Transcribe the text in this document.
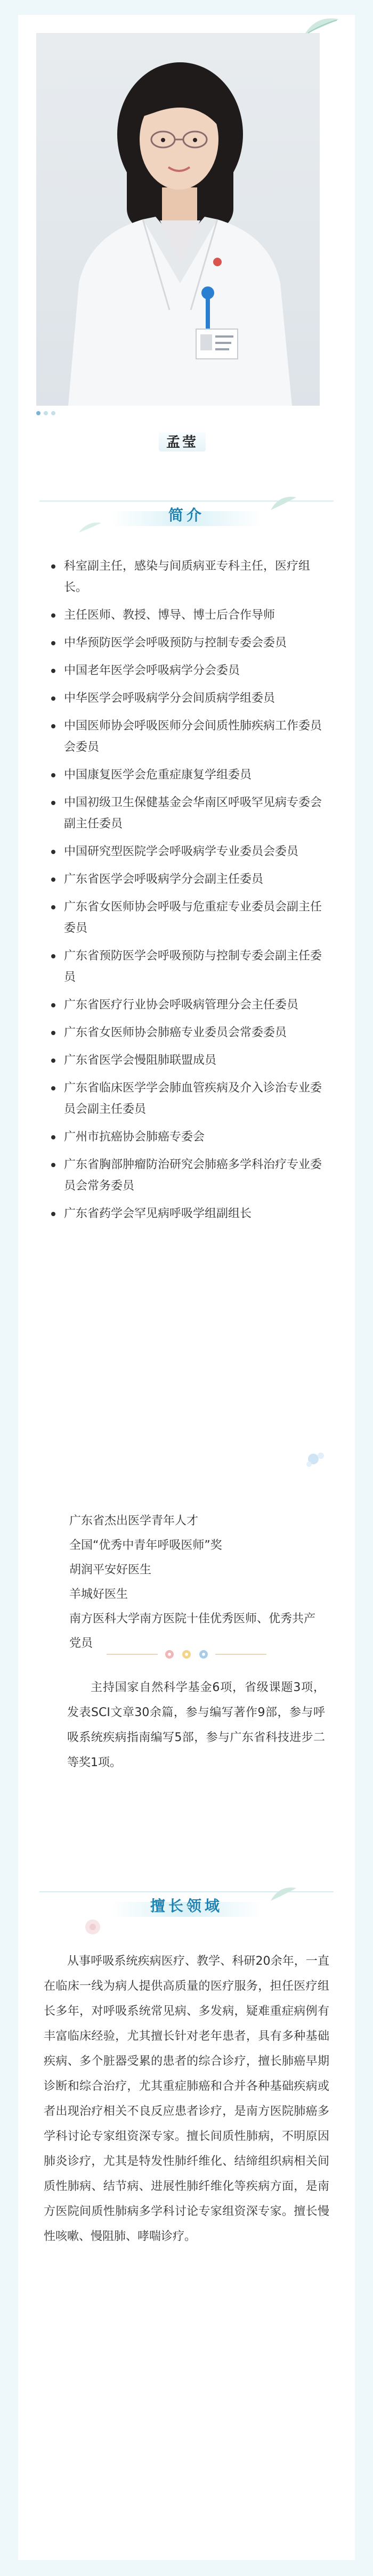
孟莹
简介
科室副主任，感染与间质病亚专科主任，医疗组长。
主任医师、教授、博导、博士后合作导师
中华预防医学会呼吸预防与控制专委会委员
中国老年医学会呼吸病学分会委员
中华医学会呼吸病学分会间质病学组委员
中国医师协会呼吸医师分会间质性肺疾病工作委员会委员
中国康复医学会危重症康复学组委员
中国初级卫生保健基金会华南区呼吸罕见病专委会副主任委员
中国研究型医院学会呼吸病学专业委员会委员
广东省医学会呼吸病学分会副主任委员
广东省女医师协会呼吸与危重症专业委员会副主任委员
广东省预防医学会呼吸预防与控制专委会副主任委员
广东省医疗行业协会呼吸病管理分会主任委员
广东省女医师协会肺癌专业委员会常委委员
广东省医学会慢阻肺联盟成员
广东省临床医学学会肺血管疾病及介入诊治专业委员会副主任委员
广州市抗癌协会肺癌专委会
广东省胸部肿瘤防治研究会肺癌多学科治疗专业委员会常务委员
广东省药学会罕见病呼吸学组副组长
广东省杰出医学青年人才
全国“优秀中青年呼吸医师”奖
胡润平安好医生
羊城好医生
南方医科大学南方医院十佳优秀医师、优秀共产党员
主持国家自然科学基金6项，省级课题3项，发表SCI文章30余篇，参与编写著作9部，参与呼吸系统疾病指南编写5部，参与广东省科技进步二等奖1项。
擅长领域
从事呼吸系统疾病医疗、教学、科研20余年，一直在临床一线为病人提供高质量的医疗服务，担任医疗组长多年，对呼吸系统常见病、多发病，疑难重症病例有丰富临床经验，尤其擅长针对老年患者，具有多种基础疾病、多个脏器受累的患者的综合诊疗，擅长肺癌早期诊断和综合治疗，尤其重症肺癌和合并各种基础疾病或者出现治疗相关不良反应患者诊疗，是南方医院肺癌多学科讨论专家组资深专家。擅长间质性肺病，不明原因肺炎诊疗，尤其是特发性肺纤维化、结缔组织病相关间质性肺病、结节病、进展性肺纤维化等疾病方面，是南方医院间质性肺病多学科讨论专家组资深专家。擅长慢性咳嗽、慢阻肺、哮喘诊疗。
